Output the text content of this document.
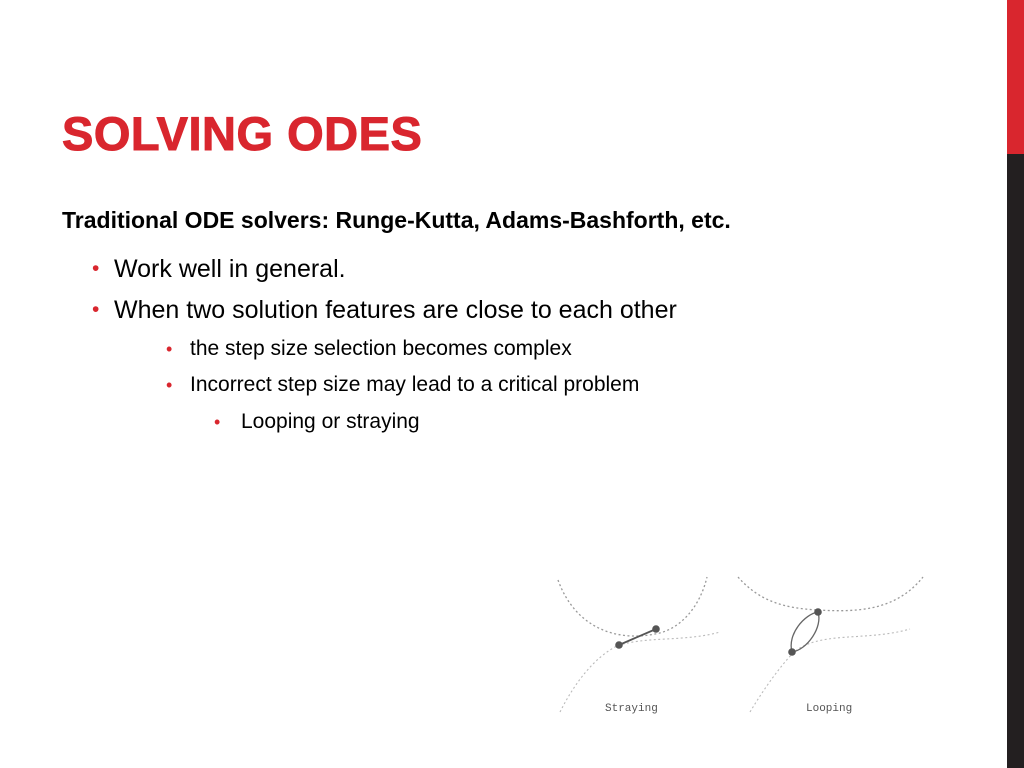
SOLVING ODES

Traditional ODE solvers: Runge-Kutta, Adams-Bashforth, etc.

• Work well in general.
• When two solution features are close to each other
• the step size selection becomes complex
• Incorrect step size may lead to a critical problem
• Looping or straying
Straying	Looping
